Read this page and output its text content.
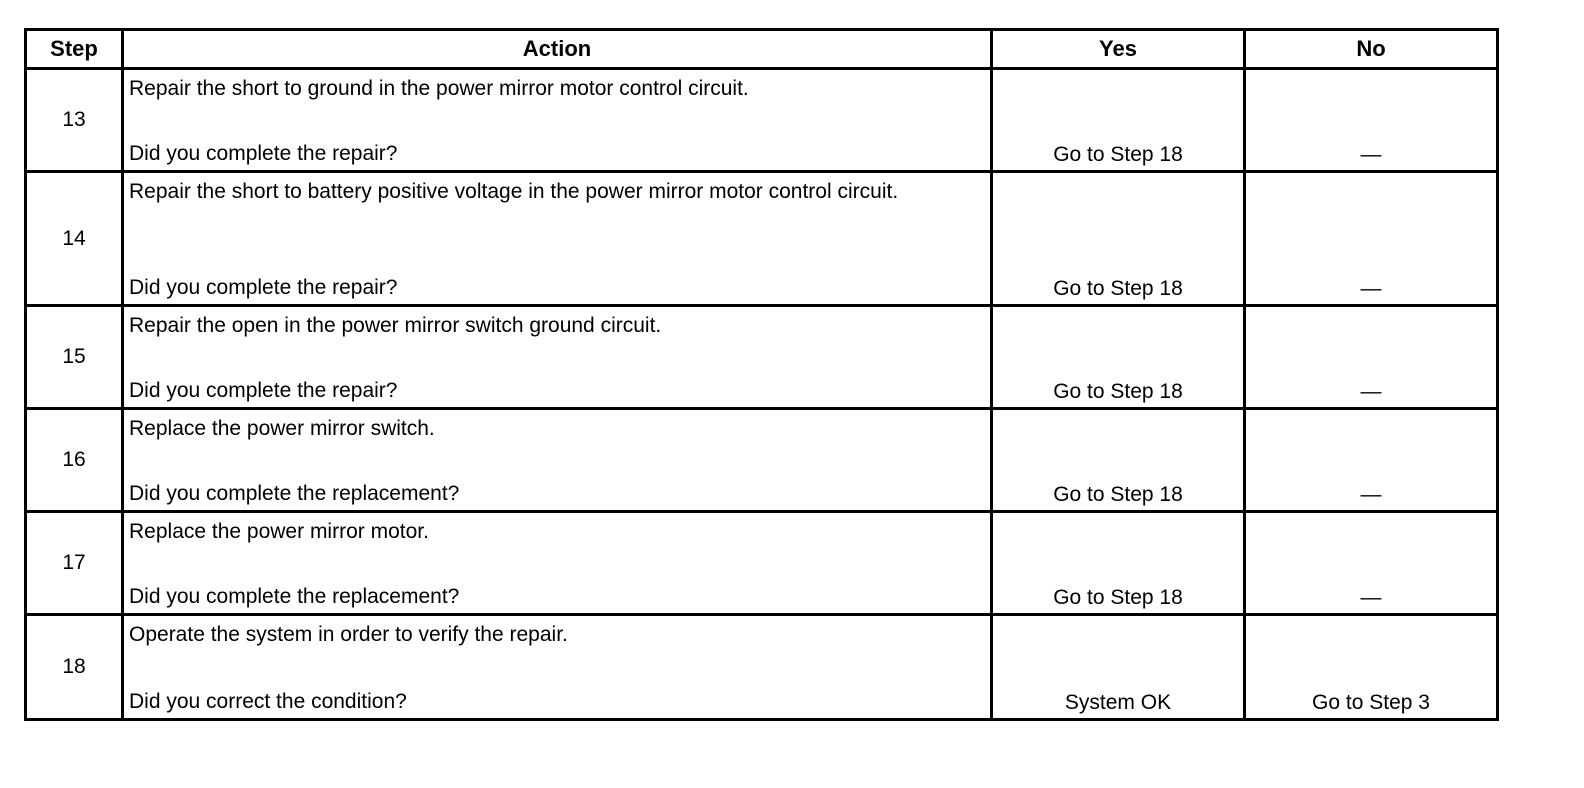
Step	Action	Yes	No
13	Repair the short to ground in the power mirror motor control circuit.
Did you complete the repair?	Go to Step 18	—

14	Repair the short to battery positive voltage in the power mirror motor control circuit.
Did you complete the repair?	Go to Step 18	—

15	Repair the open in the power mirror switch ground circuit.
Did you complete the repair?	Go to Step 18	—

16	Replace the power mirror switch.
Did you complete the replacement?	Go to Step 18	—

17	Replace the power mirror motor.
Did you complete the replacement?	Go to Step 18	—

18	Operate the system in order to verify the repair.
Did you correct the condition?	System OK	Go to Step 3
